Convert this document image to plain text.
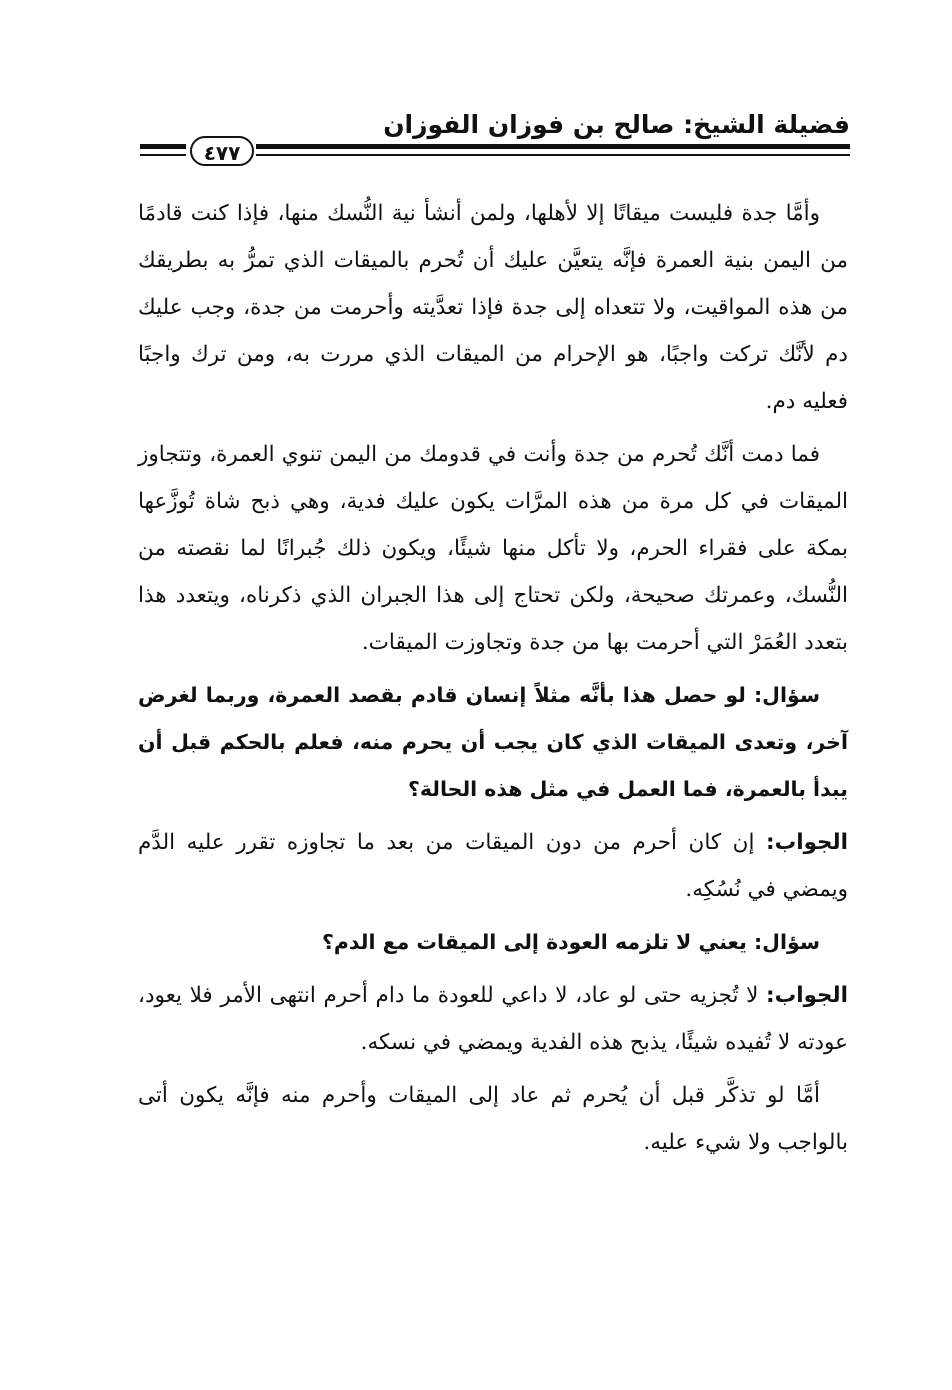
فضيلة الشيخ: صالح بن فوزان الفوزان
٤٧٧

وأمَّا جدة فليست ميقاتًا إلا لأهلها، ولمن أنشأ نية النُّسك منها، فإذا كنت قادمًا من اليمن بنية العمرة فإنَّه يتعيَّن عليك أن تُحرم بالميقات الذي تمرُّ به بطريقك من هذه المواقيت، ولا تتعداه إلى جدة فإذا تعدَّيته وأحرمت من جدة، وجب عليك دم لأنَّك تركت واجبًا، هو الإحرام من الميقات الذي مررت به، ومن ترك واجبًا فعليه دم.

فما دمت أنَّك تُحرم من جدة وأنت في قدومك من اليمن تنوي العمرة، وتتجاوز الميقات في كل مرة من هذه المرَّات يكون عليك فدية، وهي ذبح شاة تُوزَّعها بمكة على فقراء الحرم، ولا تأكل منها شيئًا، ويكون ذلك جُبرانًا لما نقصته من النُّسك، وعمرتك صحيحة، ولكن تحتاج إلى هذا الجبران الذي ذكرناه، ويتعدد هذا بتعدد العُمَرْ التي أحرمت بها من جدة وتجاوزت الميقات.

سؤال: لو حصل هذا بأنَّه مثلاً إنسان قادم بقصد العمرة، وربما لغرض آخر، وتعدى الميقات الذي كان يجب أن يحرم منه، فعلم بالحكم قبل أن يبدأ بالعمرة، فما العمل في مثل هذه الحالة؟

الجواب: إن كان أحرم من دون الميقات من بعد ما تجاوزه تقرر عليه الدَّم ويمضي في نُسُكِه.

سؤال: يعني لا تلزمه العودة إلى الميقات مع الدم؟

الجواب: لا تُجزيه حتى لو عاد، لا داعي للعودة ما دام أحرم انتهى الأمر فلا يعود، عودته لا تُفيده شيئًا، يذبح هذه الفدية ويمضي في نسكه.

أمَّا لو تذكَّر قبل أن يُحرم ثم عاد إلى الميقات وأحرم منه فإنَّه يكون أتى بالواجب ولا شيء عليه.
